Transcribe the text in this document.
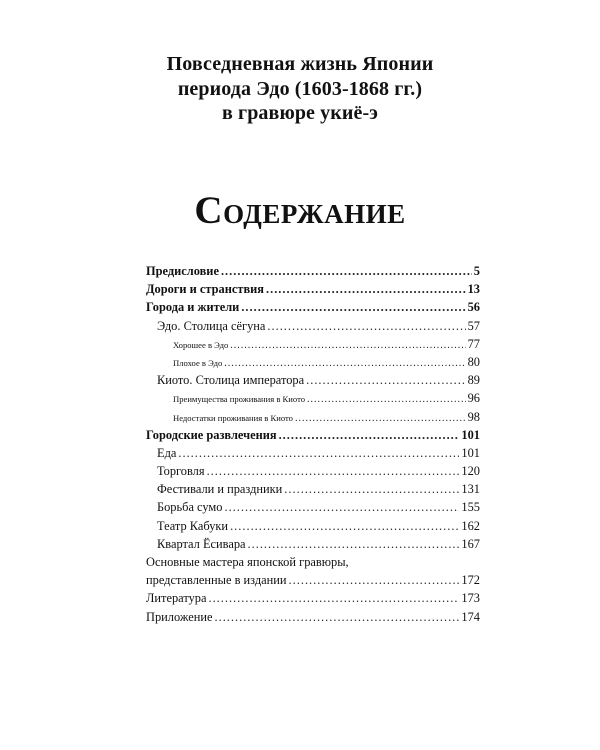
Повседневная жизнь Японии
периода Эдо (1603-1868 гг.)
в гравюре укиё-э
Содержание
Предисловие .....	5
Дороги и странствия .....	13
Города и жители .....	56
Эдо. Столица сёгуна .....	57
Хорошее в Эдо .....	77
Плохое в Эдо .....	80
Киото. Столица императора .....	89
Преимущества проживания в Киото .....	96
Недостатки проживания в Киото .....	98
Городские развлечения .....	101
Еда .....	101
Торговля .....	120
Фестивали и праздники .....	131
Борьба сумо .....	155
Театр Кабуки .....	162
Квартал Ёсивара .....	167
Основные мастера японской гравюры,
представленные в издании .....	172
Литература .....	173
Приложение .....	174
